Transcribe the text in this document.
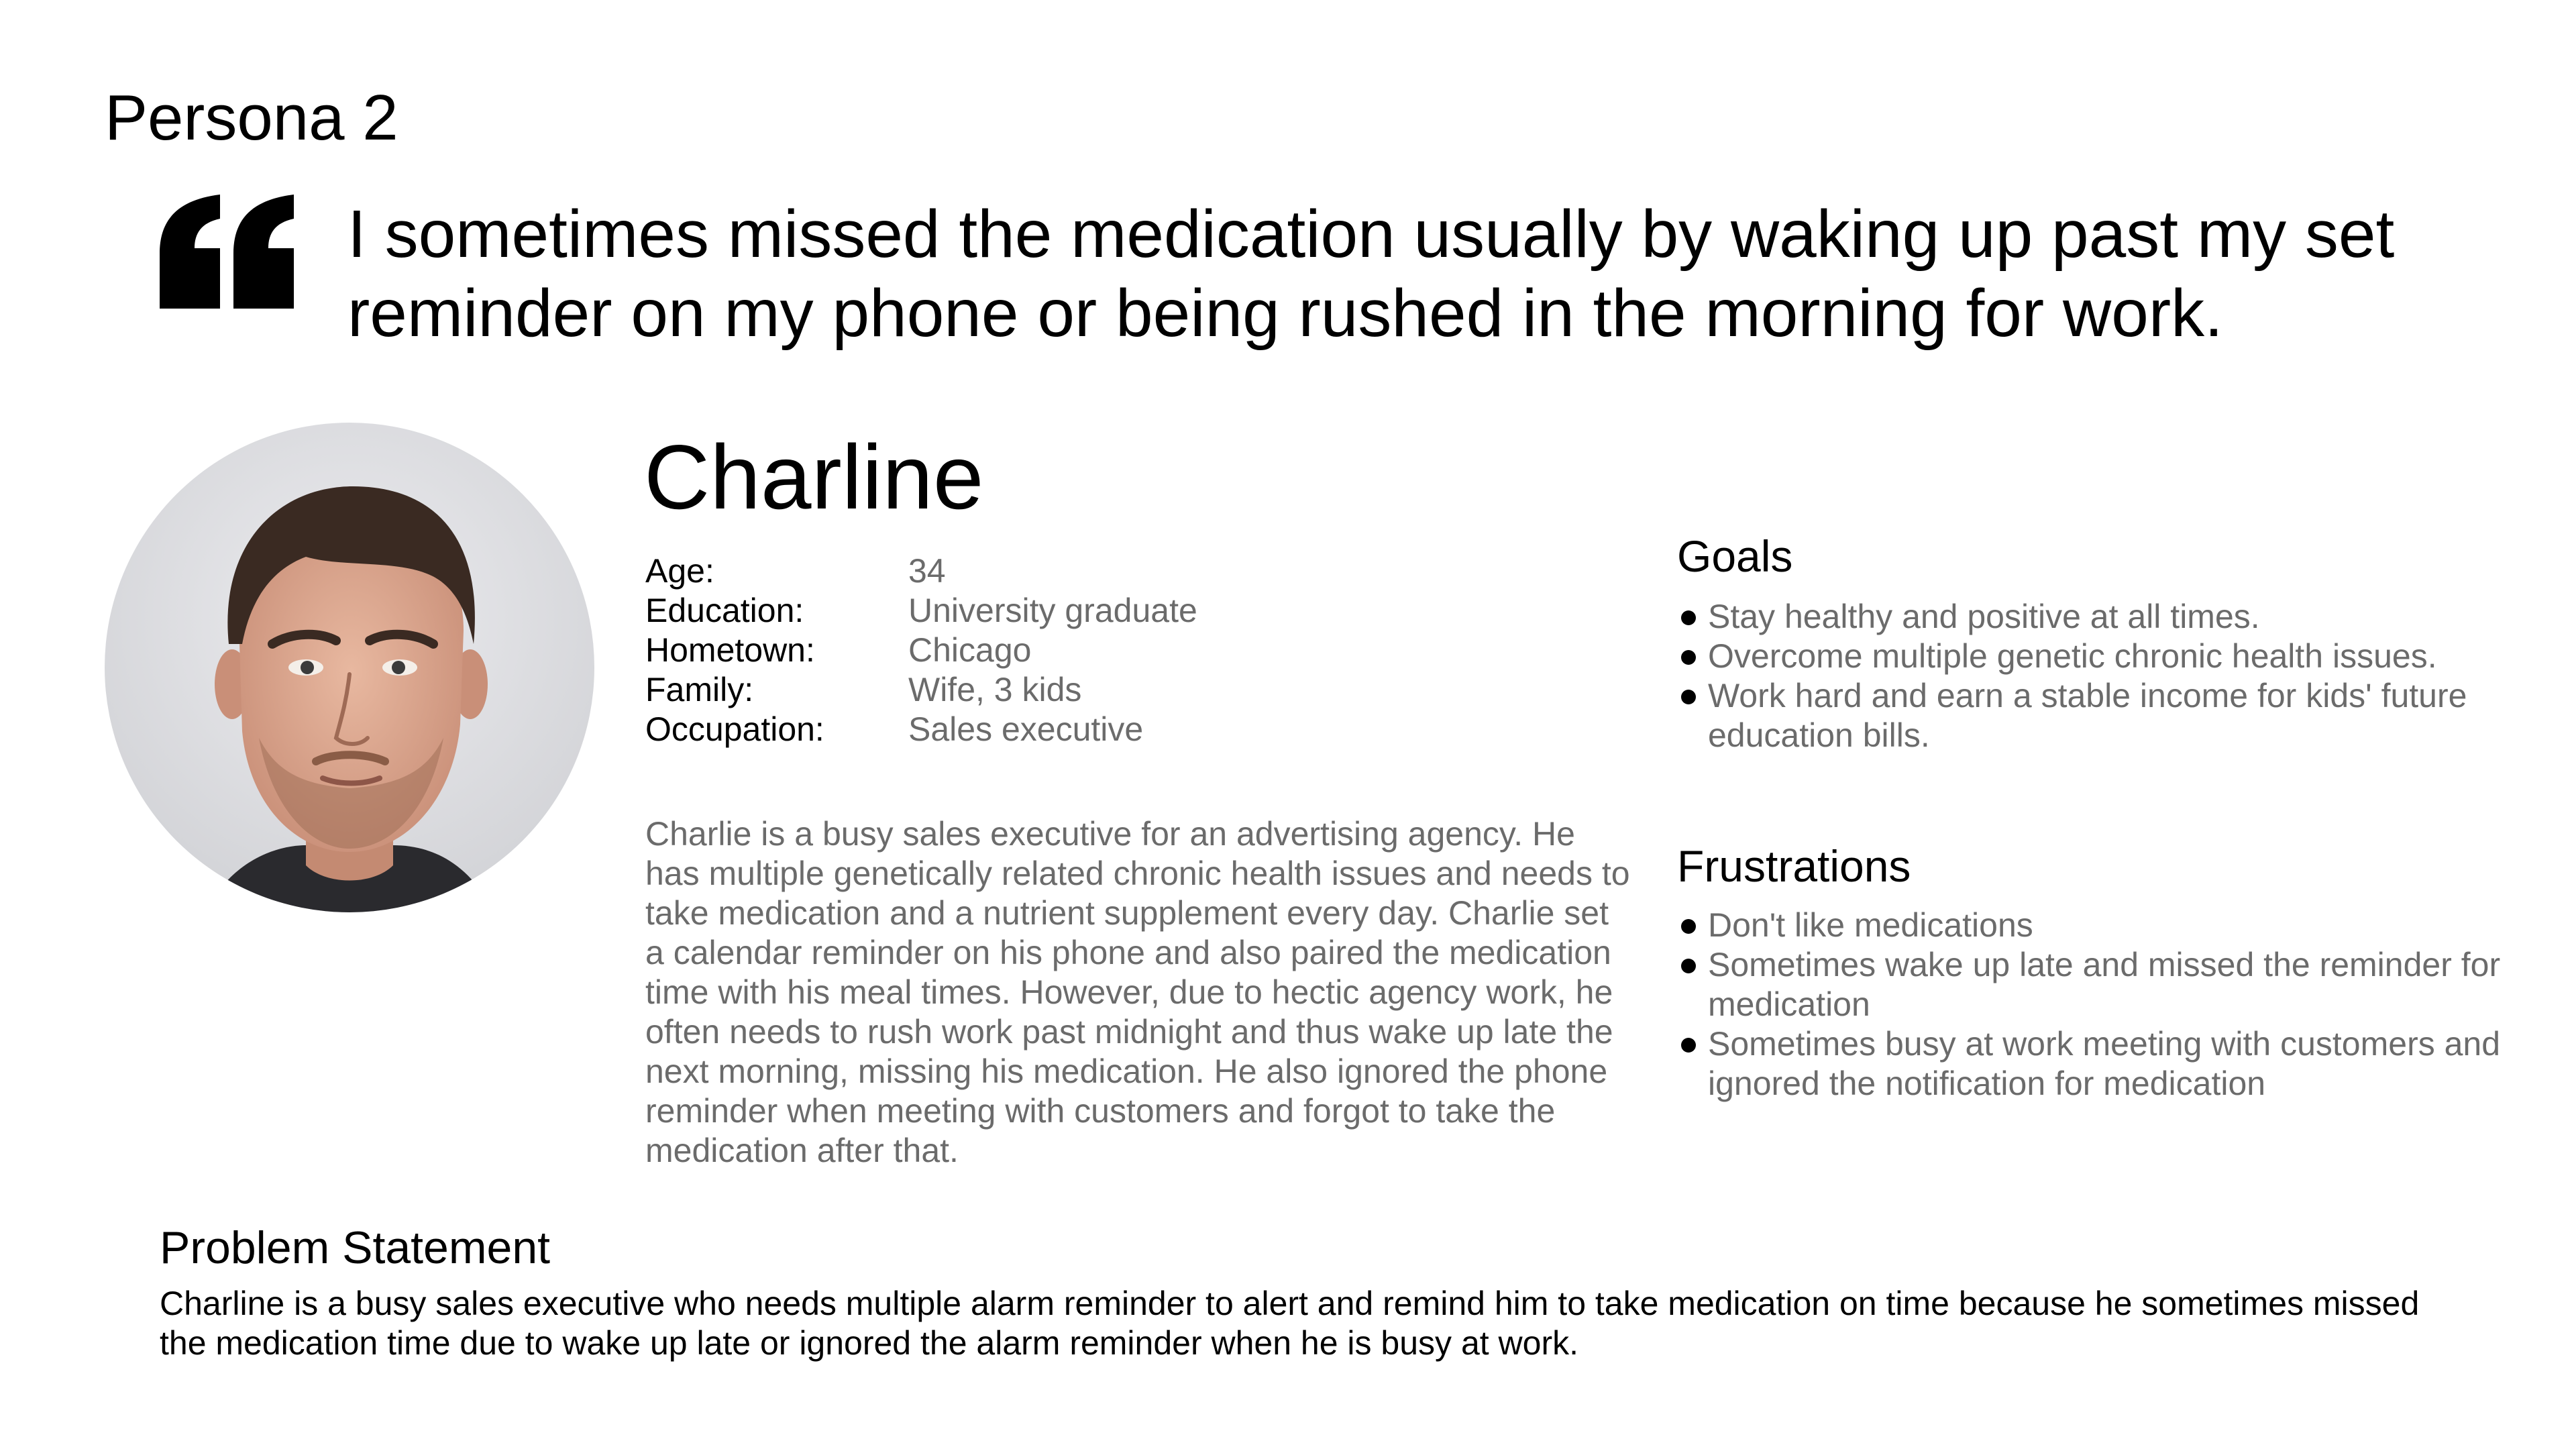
Persona 2
I sometimes missed the medication usually by waking up past my set reminder on my phone or being rushed in the morning for work.
Charline
Age:	34
Education:	University graduate
Hometown:	Chicago
Family:	Wife, 3 kids
Occupation:	Sales executive
Charlie is a busy sales executive for an advertising agency. He has multiple genetically related chronic health issues and needs to take medication and a nutrient supplement every day. Charlie set a calendar reminder on his phone and also paired the medication time with his meal times. However, due to hectic agency work, he often needs to rush work past midnight and thus wake up late the next morning, missing his medication. He also ignored the phone reminder when meeting with customers and forgot to take the medication after that.
Goals
Stay healthy and positive at all times.
Overcome multiple genetic chronic health issues.
Work hard and earn a stable income for kids' future education bills.
Frustrations
Don't like medications
Sometimes wake up late and missed the reminder for medication
Sometimes busy at work meeting with customers and ignored the notification for medication
Problem Statement
Charline is a busy sales executive who needs multiple alarm reminder to alert and remind him to take medication on time because he sometimes missed the medication time due to wake up late or ignored the alarm reminder when he is busy at work.
